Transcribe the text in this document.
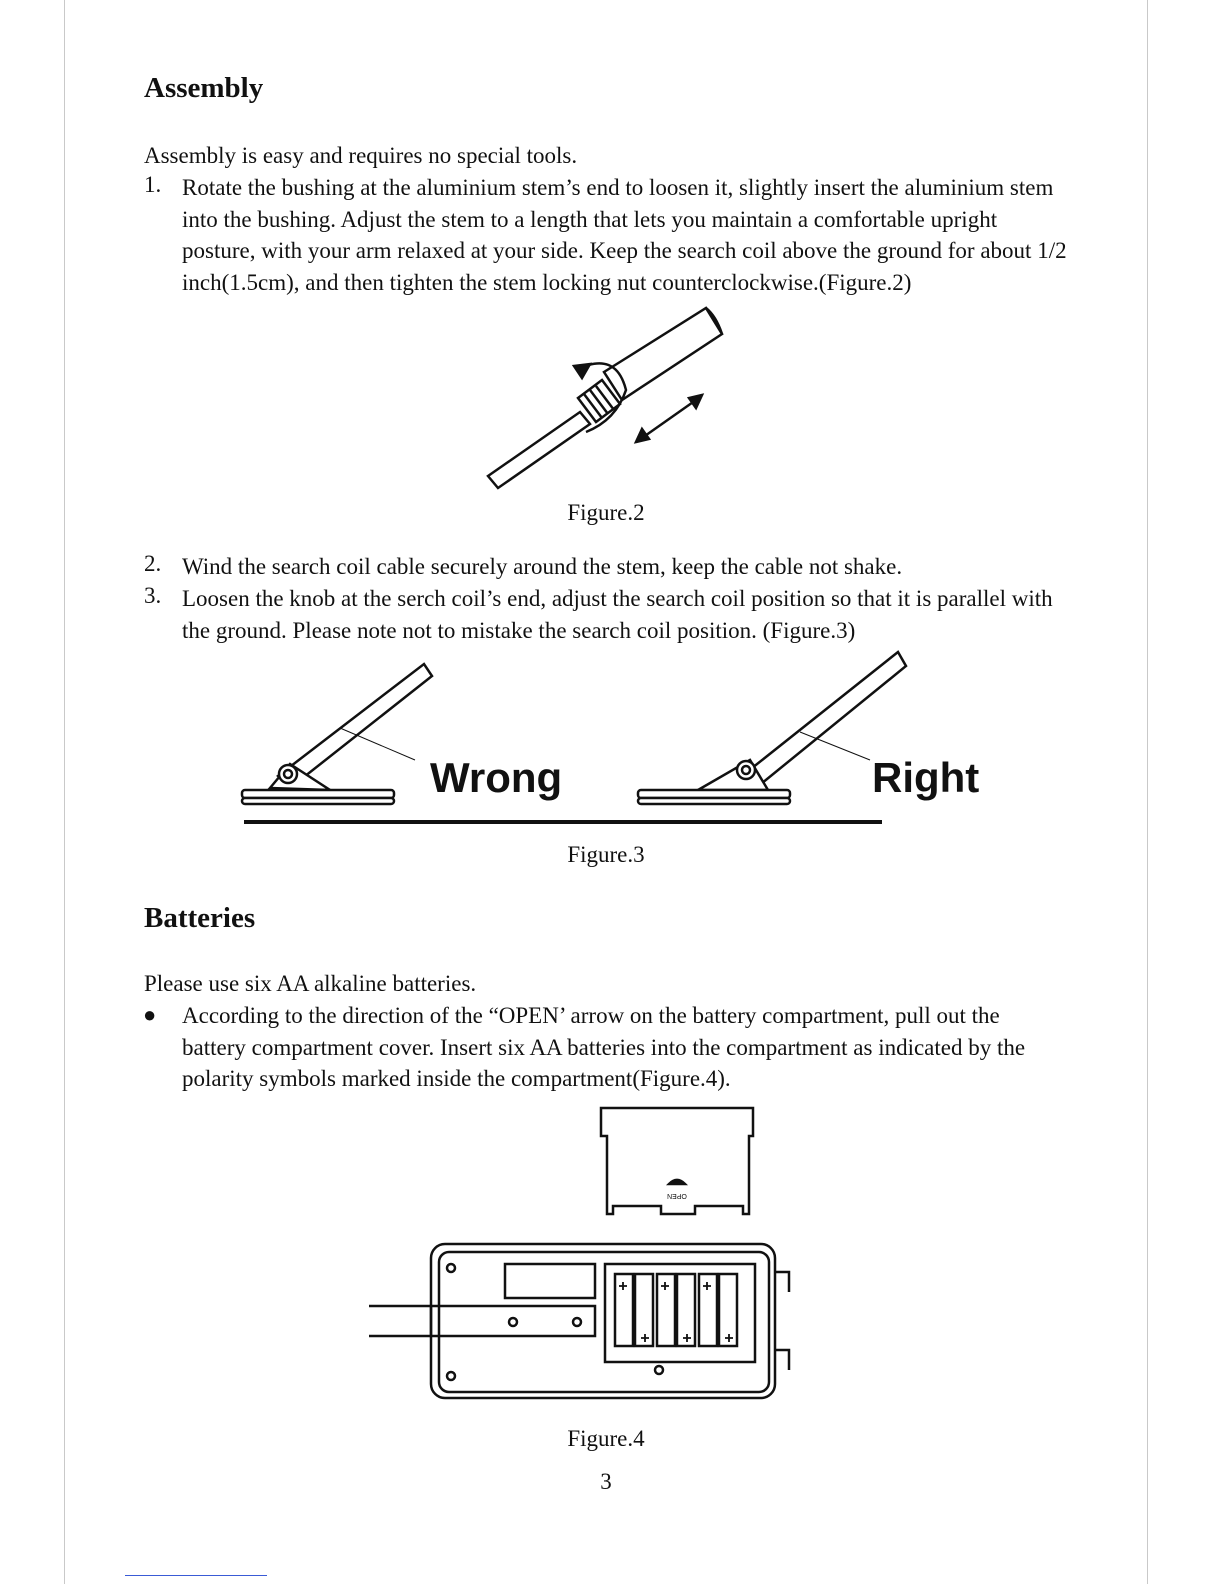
Assembly

Assembly is easy and requires no special tools.

1. Rotate the bushing at the aluminium stem’s end to loosen it, slightly insert the aluminium stem into the bushing. Adjust the stem to a length that lets you maintain a comfortable upright posture, with your arm relaxed at your side. Keep the search coil above the ground for about 1/2 inch(1.5cm), and then tighten the stem locking nut counterclockwise.(Figure.2)

Figure.2
2. Wind the search coil cable securely around the stem, keep the cable not shake.

3. Loosen the knob at the serch coil’s end, adjust the search coil position so that it is parallel with the ground. Please note not to mistake the search coil position. (Figure.3)

Wrong	Right
Figure.3
Batteries

Please use six AA alkaline batteries.

● According to the direction of the “OPEN’ arrow on the battery compartment, pull out the battery compartment cover. Insert six AA batteries into the compartment as indicated by the polarity symbols marked inside the compartment(Figure.4).

OPEN
Figure.4
3
